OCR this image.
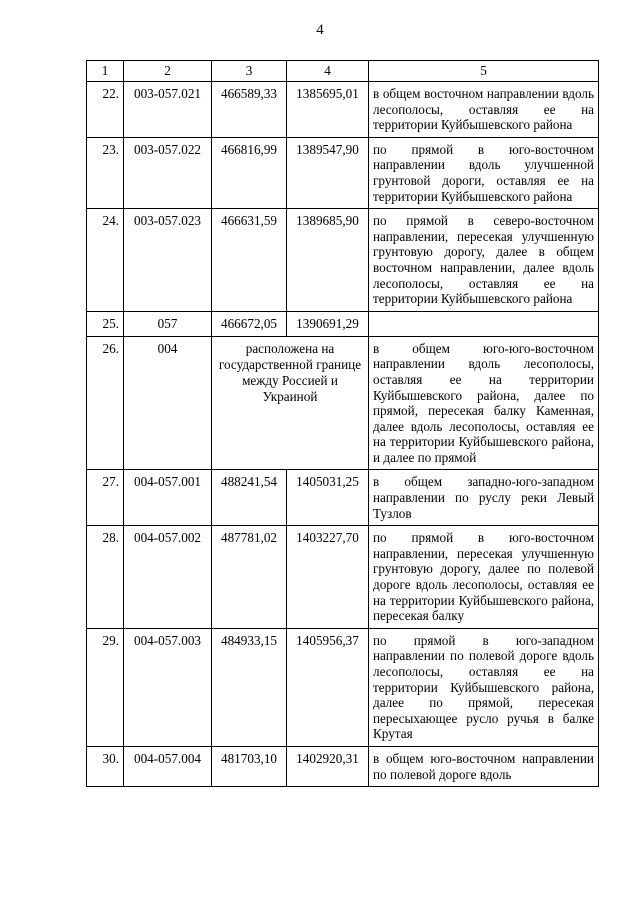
4
1	2	3	4	5
22.	003-057.021	466589,33	1385695,01	в общем восточном направлении вдоль лесополосы, оставляя ее на территории Куйбышевского района
23.	003-057.022	466816,99	1389547,90	по прямой в юго-восточном направлении вдоль улучшенной грунтовой дороги, оставляя ее на территории Куйбышевского района
24.	003-057.023	466631,59	1389685,90	по прямой в северо-восточном направлении, пересекая улучшенную грунтовую дорогу, далее в общем восточном направлении, далее вдоль лесополосы, оставляя ее на территории Куйбышевского района
25.	057	466672,05	1390691,29	
26.	004	расположена на государственной границе между Россией и Украиной		в общем юго-юго-восточном направлении вдоль лесополосы, оставляя ее на территории Куйбышевского района, далее по прямой, пересекая балку Каменная, далее вдоль лесополосы, оставляя ее на территории Куйбышевского района, и далее по прямой
27.	004-057.001	488241,54	1405031,25	в общем западно-юго-западном направлении по руслу реки Левый Тузлов
28.	004-057.002	487781,02	1403227,70	по прямой в юго-восточном направлении, пересекая улучшенную грунтовую дорогу, далее по полевой дороге вдоль лесополосы, оставляя ее на территории Куйбышевского района, пересекая балку
29.	004-057.003	484933,15	1405956,37	по прямой в юго-западном направлении по полевой дороге вдоль лесополосы, оставляя ее на территории Куйбышевского района, далее по прямой, пересекая пересыхающее русло ручья в балке Крутая
30.	004-057.004	481703,10	1402920,31	в общем юго-восточном направлении по полевой дороге вдоль
